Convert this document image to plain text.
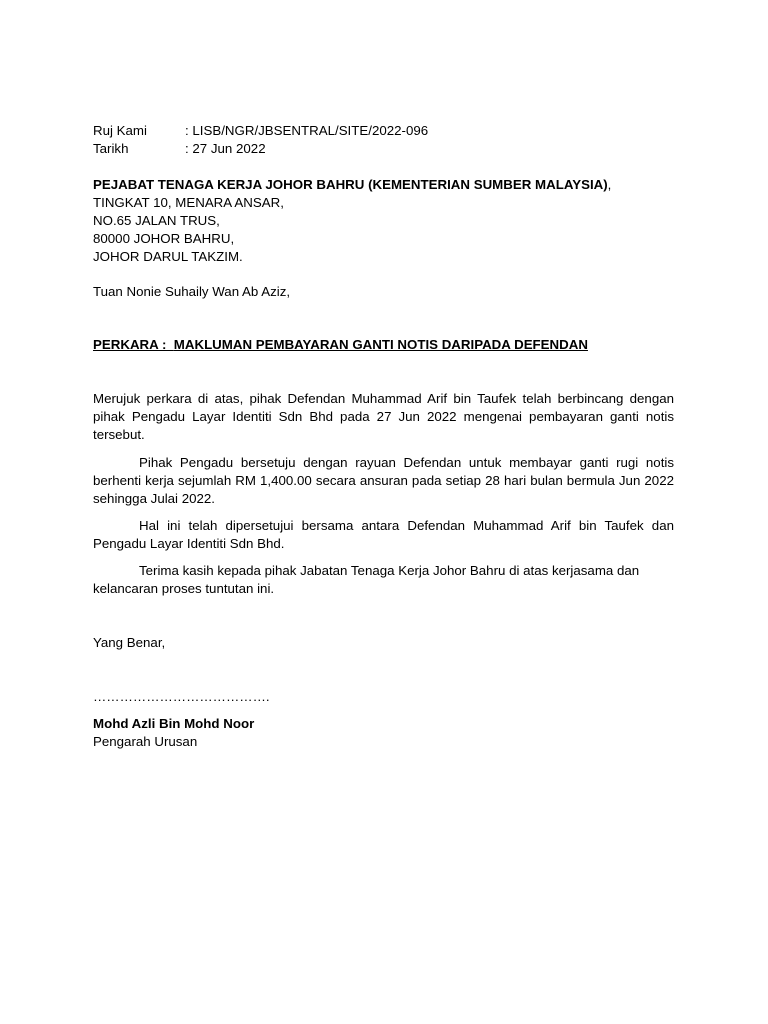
Ruj Kami	: LISB/NGR/JBSENTRAL/SITE/2022-096
Tarikh	: 27 Jun 2022
PEJABAT TENAGA KERJA JOHOR BAHRU (KEMENTERIAN SUMBER MALAYSIA),
TINGKAT 10, MENARA ANSAR,
NO.65 JALAN TRUS,
80000 JOHOR BAHRU,
JOHOR DARUL TAKZIM.
Tuan Nonie Suhaily Wan Ab Aziz,
PERKARA :  MAKLUMAN PEMBAYARAN GANTI NOTIS DARIPADA DEFENDAN
Merujuk perkara di atas, pihak Defendan Muhammad Arif bin Taufek telah berbincang dengan pihak Pengadu Layar Identiti Sdn Bhd pada 27 Jun 2022 mengenai pembayaran ganti notis tersebut.
Pihak Pengadu bersetuju dengan rayuan Defendan untuk membayar ganti rugi notis berhenti kerja sejumlah RM 1,400.00 secara ansuran pada setiap 28 hari bulan bermula Jun 2022 sehingga Julai 2022.
Hal ini telah dipersetujui bersama antara Defendan Muhammad Arif bin Taufek dan Pengadu Layar Identiti Sdn Bhd.
Terima kasih kepada pihak Jabatan Tenaga Kerja Johor Bahru di atas kerjasama dan kelancaran proses tuntutan ini.
Yang Benar,
………………………………….
Mohd Azli Bin Mohd Noor
Pengarah Urusan
